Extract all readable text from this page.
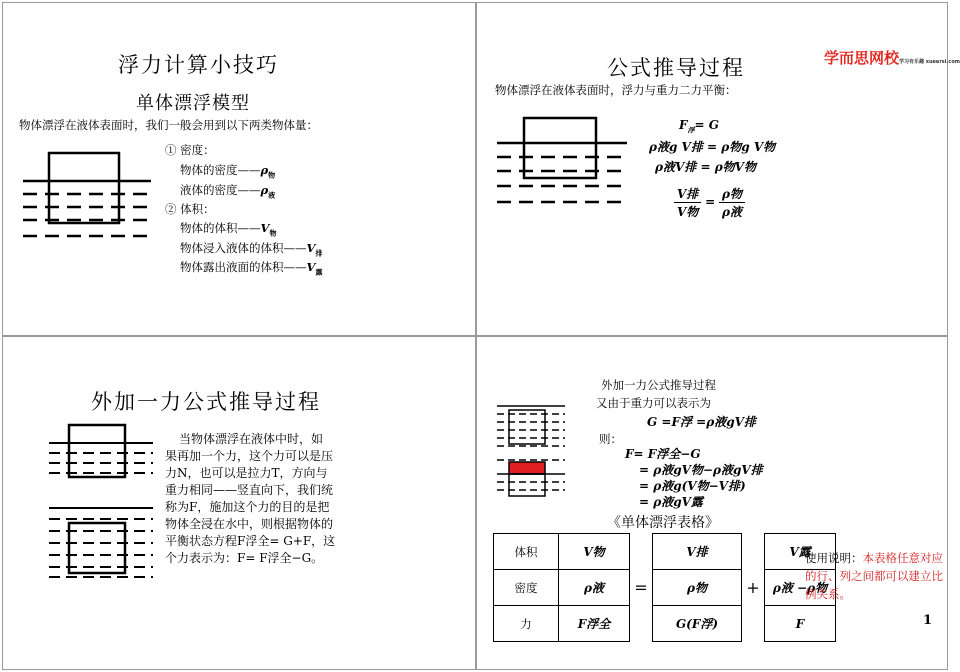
浮力计算小技巧
单体漂浮模型
物体漂浮在液体表面时，我们一般会用到以下两类物体量：
① 密度：
物体的密度$——\rho_物$
液体的密度$——\rho_液$
② 体积：
物体的体积$——V_物$
物体浸入液体的体积$——V_排$
物体露出液面的体积$——V_露$
公式推导过程	学而思网校学习有乐趣 xueersi.com
物体漂浮在液体表面时，浮力与重力二力平衡：
$F_浮= G$
ρ液g V排 = ρ物g V物
ρ液V排 = ρ物V物
$\frac{\text{V排}}{\text{V物}} = \frac{\text{ρ物}}{\text{ρ液}}$
外加一力公式推导过程
当物体漂浮在液体中时，如
果再加一个力，这个力可以是压
力N，也可以是拉力T，方向与
重力相同——竖直向下，我们统
称为F，施加这个力的目的是把
物体全浸在水中，则根据物体的
平衡状态方程F浮全= G+F，这
个力表示为：F= F浮全−G。
外加一力公式推导过程
又由于重力可以表示为
G =F浮 =ρ液gV排
则：
F= F浮全−G
= ρ液gV物−ρ液gV排
= ρ液g(V物−V排)
= ρ液gV露
《单体漂浮表格》
体积	V物	=	V排	+	V露
密度	ρ液		ρ物		ρ液 −ρ物
力	F浮全		G(F浮)		F
使用说明：本表格任意对应的行、列之间都可以建立比例关系。
1
